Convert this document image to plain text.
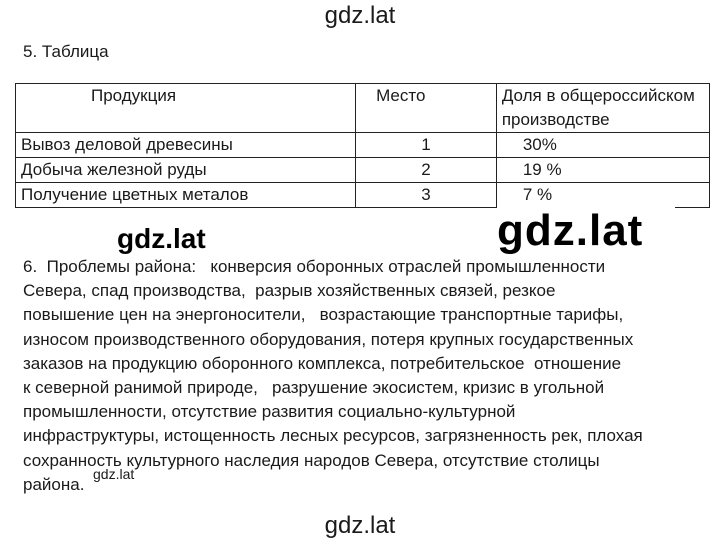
gdz.lat
5. Таблица
Продукция	Место	Доля в общероссийском производстве
Вывоз деловой древесины	1	30%
Добыча железной руды	2	19 %
Получение цветных металов	3	7 %
gdz.lat	gdz.lat
6.  Проблемы района:   конверсия оборонных отраслей промышленности
Севера, спад производства,  разрыв хозяйственных связей, резкое
повышение цен на энергоносители,   возрастающие транспортные тарифы,
износом производственного оборудования, потеря крупных государственных
заказов на продукцию оборонного комплекса, потребительское  отношение
к северной ранимой природе,   разрушение экосистем, кризис в угольной
промышленности, отсутствие развития социально-культурной
инфраструктуры, истощенность лесных ресурсов, загрязненность рек, плохая
сохранность культурного наследия народов Севера, отсутствие столицы
района.
gdz.lat
gdz.lat
